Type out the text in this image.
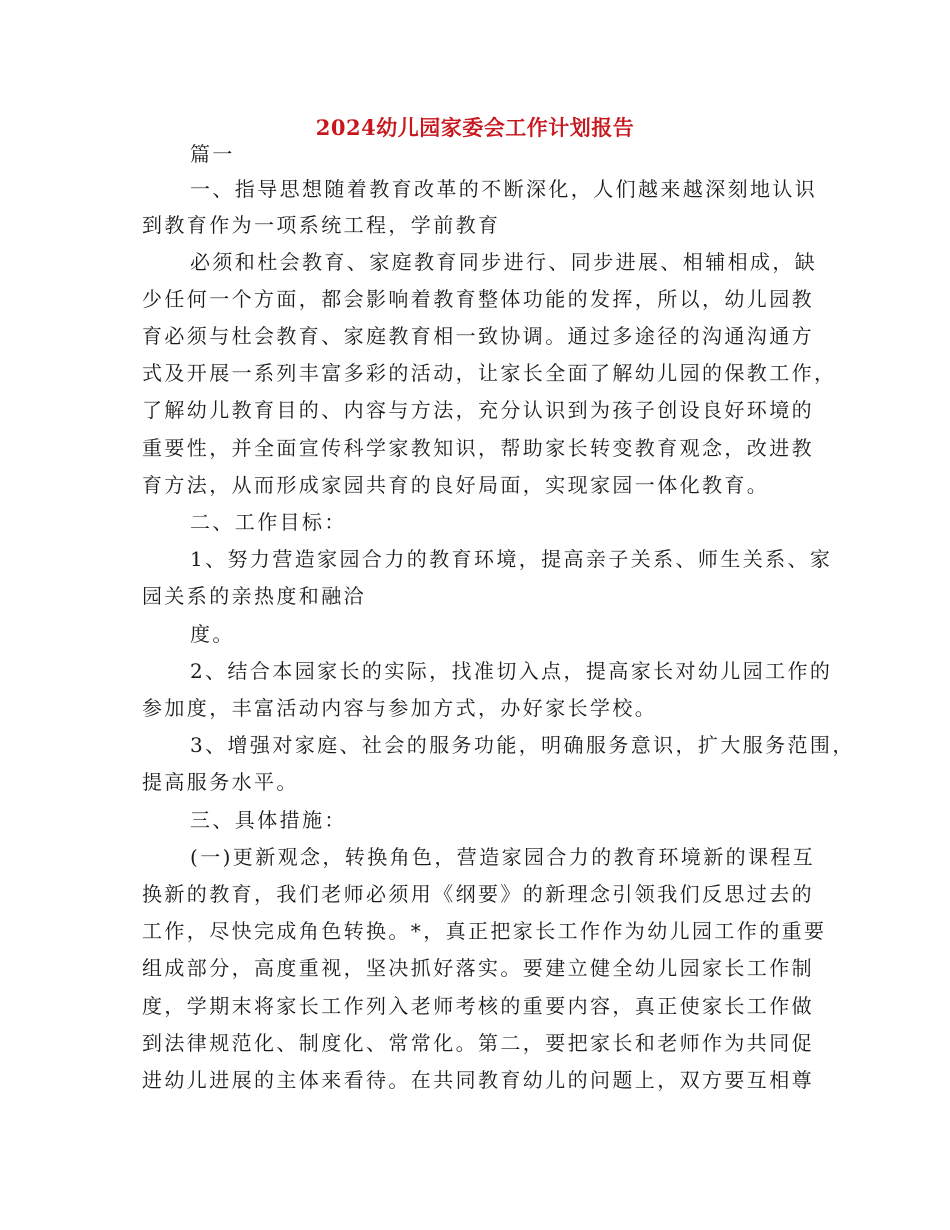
2024幼儿园家委会工作计划报告
篇一
一、指导思想随着教育改革的不断深化，人们越来越深刻地认识
到教育作为一项系统工程，学前教育
必须和杜会教育、家庭教育同步进行、同步进展、相辅相成，缺
少任何一个方面，都会影响着教育整体功能的发挥，所以，幼儿园教
育必须与杜会教育、家庭教育相一致协调。通过多途径的沟通沟通方
式及开展一系列丰富多彩的活动，让家长全面了解幼儿园的保教工作，
了解幼儿教育目的、内容与方法，充分认识到为孩子创设良好环境的
重要性，并全面宣传科学家教知识，帮助家长转变教育观念，改进教
育方法，从而形成家园共育的良好局面，实现家园一体化教育。
二、工作目标：
1、努力营造家园合力的教育环境，提高亲子关系、师生关系、家
园关系的亲热度和融洽
度。
2、结合本园家长的实际，找准切入点，提高家长对幼儿园工作的
参加度，丰富活动内容与参加方式，办好家长学校。
3、增强对家庭、社会的服务功能，明确服务意识，扩大服务范围，
提高服务水平。
三、具体措施：
(一)更新观念，转换角色，营造家园合力的教育环境新的课程互
换新的教育，我们老师必须用《纲要》的新理念引领我们反思过去的
工作，尽快完成角色转换。*，真正把家长工作作为幼儿园工作的重要
组成部分，高度重视，坚决抓好落实。要建立健全幼儿园家长工作制
度，学期末将家长工作列入老师考核的重要内容，真正使家长工作做
到法律规范化、制度化、常常化。第二，要把家长和老师作为共同促
进幼儿进展的主体来看待。在共同教育幼儿的问题上，双方要互相尊
